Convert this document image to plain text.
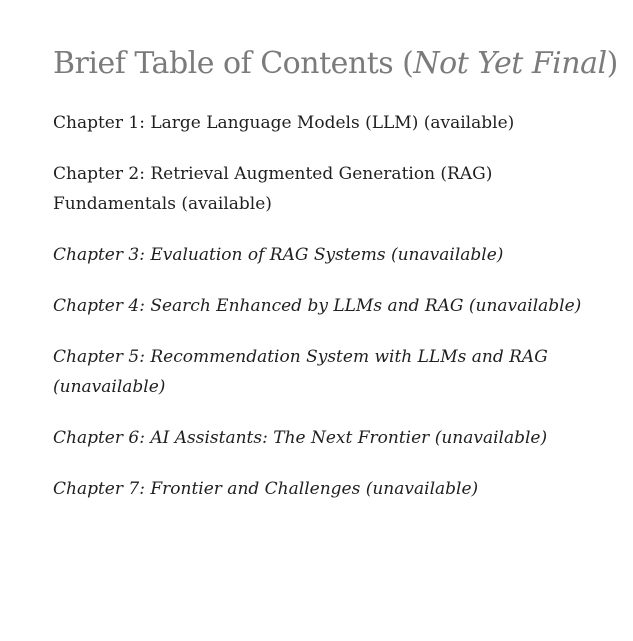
Brief Table of Contents (Not Yet Final)
Chapter 1: Large Language Models (LLM) (available)
Chapter 2: Retrieval Augmented Generation (RAG) Fundamentals (available)
Chapter 3: Evaluation of RAG Systems (unavailable)
Chapter 4: Search Enhanced by LLMs and RAG (unavailable)
Chapter 5: Recommendation System with LLMs and RAG (unavailable)
Chapter 6: AI Assistants: The Next Frontier (unavailable)
Chapter 7: Frontier and Challenges (unavailable)
